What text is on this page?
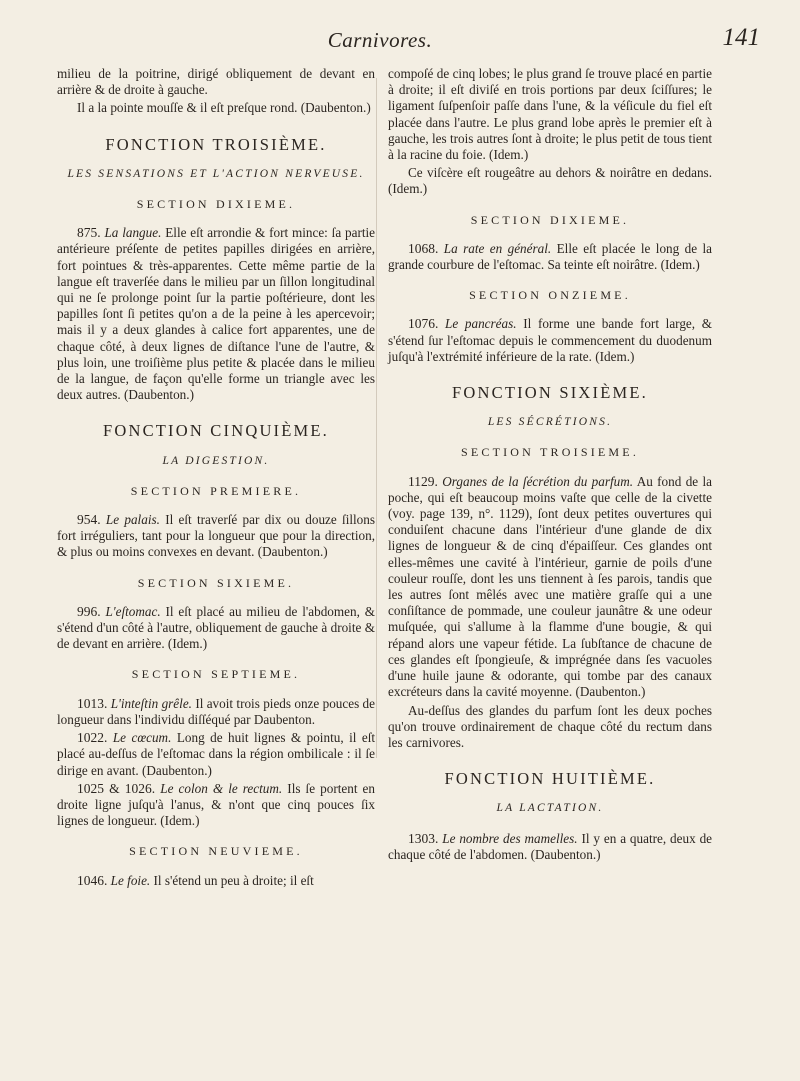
Carnivores.	141

milieu de la poitrine, dirigé obliquement de devant en arrière & de droite à gauche.

Il a la pointe mouſſe & il eſt preſque rond. (Daubenton.)

FONCTION TROISIÈME.
LES SENSATIONS ET L'ACTION NERVEUSE.
SECTION DIXIEME.

875. La langue. Elle eſt arrondie & fort mince: ſa partie antérieure préſente de petites papilles dirigées en arrière, fort pointues & très-apparentes. Cette même partie de la langue eſt traverſée dans le milieu par un ſillon longitudinal qui ne ſe prolonge point ſur la partie poſtérieure, dont les papilles ſont ſi petites qu'on a de la peine à les apercevoir; mais il y a deux glandes à calice fort apparentes, une de chaque côté, à deux lignes de diſtance l'une de l'autre, & plus loin, une troiſième plus petite & placée dans le milieu de la langue, de façon qu'elle forme un triangle avec les deux autres. (Daubenton.)

FONCTION CINQUIÈME.
LA DIGESTION.
SECTION PREMIERE.

954. Le palais. Il eſt traverſé par dix ou douze ſillons fort irréguliers, tant pour la longueur que pour la direction, & plus ou moins convexes en devant. (Daubenton.)

SECTION SIXIEME.

996. L'eſtomac. Il eſt placé au milieu de l'abdomen, & s'étend d'un côté à l'autre, obliquement de gauche à droite & de devant en arrière. (Idem.)

SECTION SEPTIEME.

1013. L'inteſtin grêle. Il avoit trois pieds onze pouces de longueur dans l'individu diſſéqué par Daubenton.

1022. Le cœcum. Long de huit lignes & pointu, il eſt placé au-deſſus de l'eſtomac dans la région ombilicale : il ſe dirige en avant. (Daubenton.)

1025 & 1026. Le colon & le rectum. Ils ſe portent en droite ligne juſqu'à l'anus, & n'ont que cinq pouces ſix lignes de longueur. (Idem.)

SECTION NEUVIEME.

1046. Le foie. Il s'étend un peu à droite; il eſt

compoſé de cinq lobes; le plus grand ſe trouve placé en partie à droite; il eſt diviſé en trois portions par deux ſciſſures; le ligament ſuſpenſoir paſſe dans l'une, & la véſicule du fiel eſt placée dans l'autre. Le plus grand lobe après le premier eſt à gauche, les trois autres ſont à droite; le plus petit de tous tient à la racine du foie. (Idem.)

Ce viſcère eſt rougeâtre au dehors & noirâtre en dedans. (Idem.)

SECTION DIXIEME.

1068. La rate en général. Elle eſt placée le long de la grande courbure de l'eſtomac. Sa teinte eſt noirâtre. (Idem.)

SECTION ONZIEME.

1076. Le pancréas. Il forme une bande fort large, & s'étend ſur l'eſtomac depuis le commencement du duodenum juſqu'à l'extrémité inférieure de la rate. (Idem.)

FONCTION SIXIÈME.
LES SÉCRÉTIONS.
SECTION TROISIEME.

1129. Organes de la ſécrétion du parfum. Au fond de la poche, qui eſt beaucoup moins vaſte que celle de la civette (voy. page 139, n°. 1129), ſont deux petites ouvertures qui conduiſent chacune dans l'intérieur d'une glande de dix lignes de longueur & de cinq d'épaiſſeur. Ces glandes ont elles-mêmes une cavité à l'intérieur, garnie de poils d'une couleur rouſſe, dont les uns tiennent à ſes parois, tandis que les autres ſont mêlés avec une matière graſſe qui a une conſiſtance de pommade, une couleur jaunâtre & une odeur muſquée, qui s'allume à la flamme d'une bougie, & qui répand alors une vapeur fétide. La ſubſtance de chacune de ces glandes eſt ſpongieuſe, & imprégnée dans ſes vacuoles d'une huile jaune & odorante, qui tombe par des canaux excréteurs dans la cavité moyenne. (Daubenton.)

Au-deſſus des glandes du parfum ſont les deux poches qu'on trouve ordinairement de chaque côté du rectum dans les carnivores.

FONCTION HUITIÈME.
LA LACTATION.

1303. Le nombre des mamelles. Il y en a quatre, deux de chaque côté de l'abdomen. (Daubenton.)
